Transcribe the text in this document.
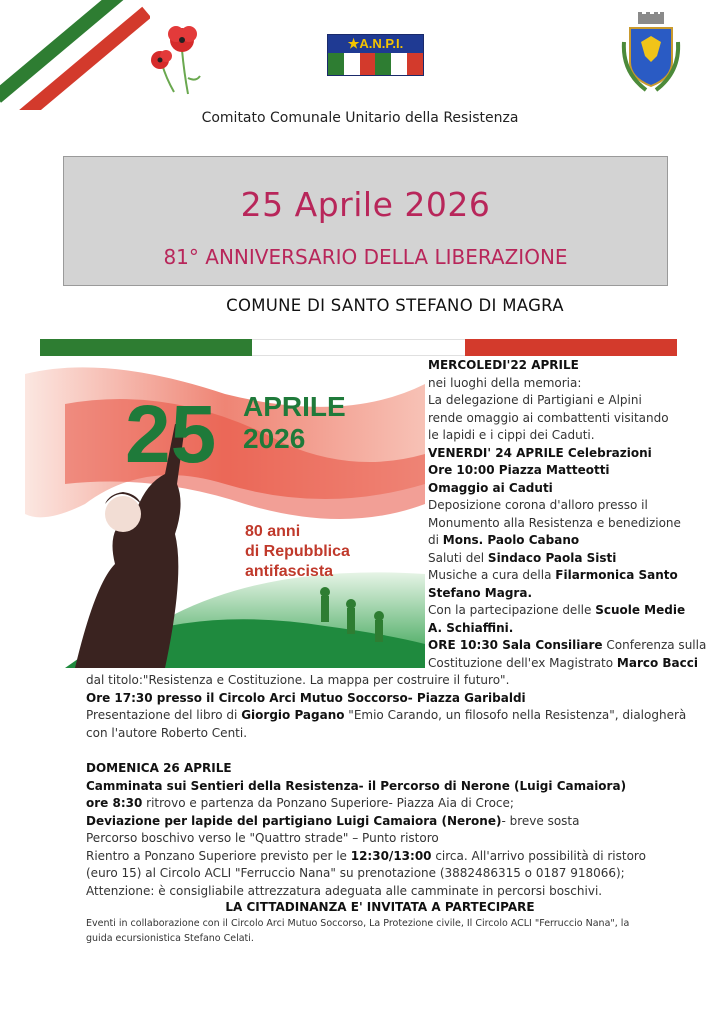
★A.N.P.I.
Comitato Comunale Unitario della Resistenza
25 Aprile 2026
81° ANNIVERSARIO DELLA LIBERAZIONE
COMUNE DI SANTO STEFANO DI MAGRA
25 APRILE
2026
80 anni
di Repubblica
antifascista
MERCOLEDI'22 APRILE
nei luoghi della memoria:
La delegazione di Partigiani e Alpini
rende omaggio ai combattenti visitando
le lapidi e i cippi dei Caduti.
VENERDI' 24 APRILE Celebrazioni
Ore 10:00 Piazza Matteotti
Omaggio ai Caduti
Deposizione corona d'alloro presso il
Monumento alla Resistenza e benedizione
di Mons. Paolo Cabano
Saluti del Sindaco Paola Sisti
Musiche a cura della Filarmonica Santo
Stefano Magra.
Con la partecipazione delle Scuole Medie
A. Schiaffini.
ORE 10:30 Sala Consiliare Conferenza sulla
Costituzione dell'ex Magistrato Marco Bacci
dal titolo:"Resistenza e Costituzione. La mappa per costruire il futuro".
Ore 17:30 presso il Circolo Arci Mutuo Soccorso- Piazza Garibaldi
Presentazione del libro di Giorgio Pagano "Emio Carando, un filosofo nella Resistenza", dialogherà
con l'autore Roberto Centi.
DOMENICA 26 APRILE
Camminata sui Sentieri della Resistenza- il Percorso di Nerone (Luigi Camaiora)
ore 8:30 ritrovo e partenza da Ponzano Superiore- Piazza Aia di Croce;
Deviazione per lapide del partigiano Luigi Camaiora (Nerone)- breve sosta
Percorso boschivo verso le "Quattro strade" – Punto ristoro
Rientro a Ponzano Superiore previsto per le 12:30/13:00 circa. All'arrivo possibilità di ristoro
(euro 15) al Circolo ACLI "Ferruccio Nana" su prenotazione (3882486315 o 0187 918066);
Attenzione: è consigliabile attrezzatura adeguata alle camminate in percorsi boschivi.
LA CITTADINANZA E' INVITATA A PARTECIPARE
Eventi in collaborazione con il Circolo Arci Mutuo Soccorso, La Protezione civile, Il Circolo ACLI "Ferruccio Nana", la
guida ecursionistica Stefano Celati.
